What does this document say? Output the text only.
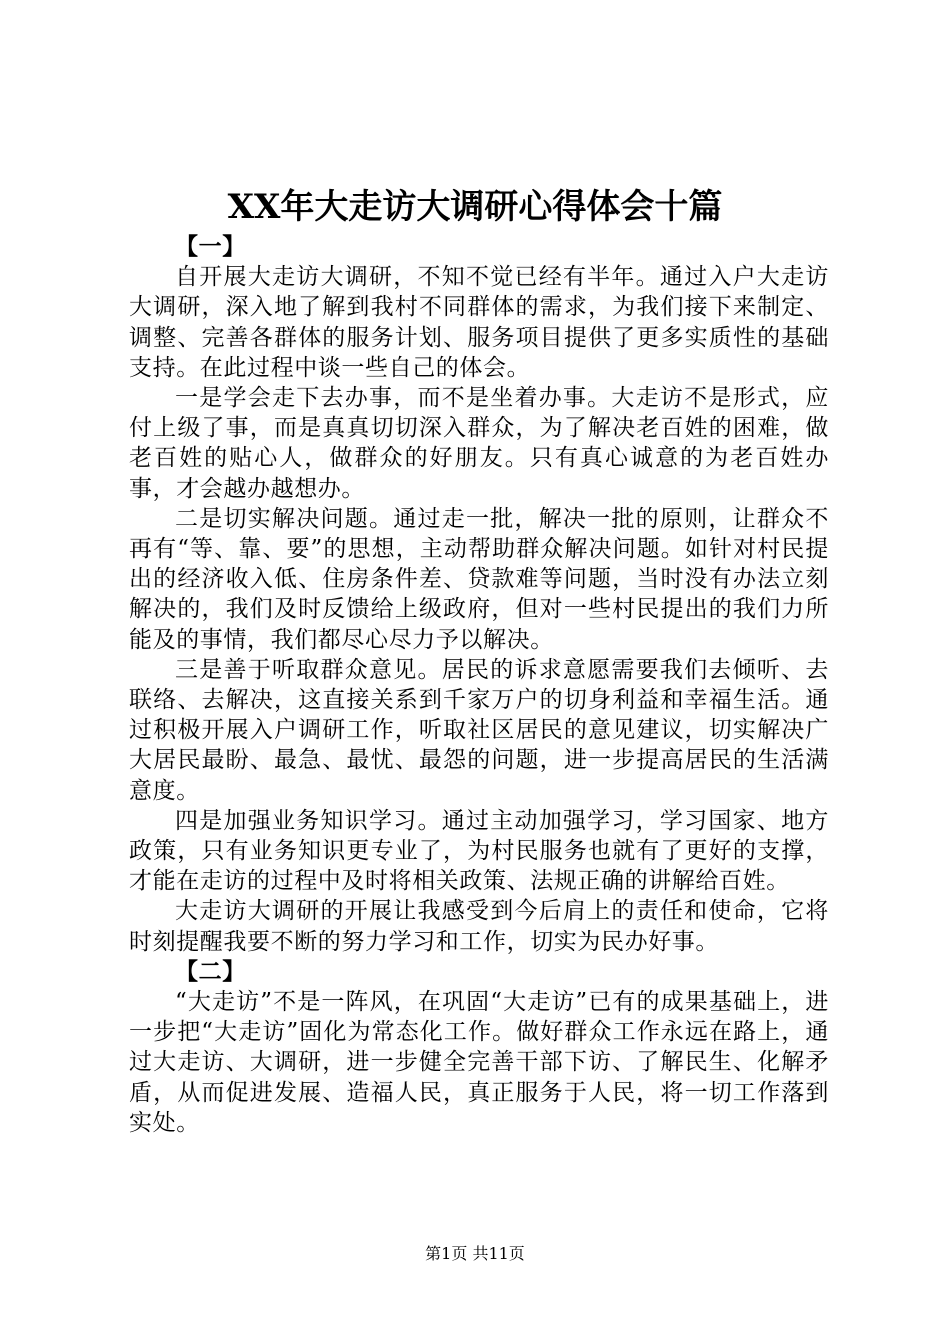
XX年大走访大调研心得体会十篇

【一】

自开展大走访大调研，不知不觉已经有半年。通过入户大走访大调研，深入地了解到我村不同群体的需求，为我们接下来制定、调整、完善各群体的服务计划、服务项目提供了更多实质性的基础支持。在此过程中谈一些自己的体会。

一是学会走下去办事，而不是坐着办事。大走访不是形式，应付上级了事，而是真真切切深入群众，为了解决老百姓的困难，做老百姓的贴心人，做群众的好朋友。只有真心诚意的为老百姓办事，才会越办越想办。

二是切实解决问题。通过走一批，解决一批的原则，让群众不再有“等、靠、要”的思想，主动帮助群众解决问题。如针对村民提出的经济收入低、住房条件差、贷款难等问题，当时没有办法立刻解决的，我们及时反馈给上级政府，但对一些村民提出的我们力所能及的事情，我们都尽心尽力予以解决。

三是善于听取群众意见。居民的诉求意愿需要我们去倾听、去联络、去解决，这直接关系到千家万户的切身利益和幸福生活。通过积极开展入户调研工作，听取社区居民的意见建议，切实解决广大居民最盼、最急、最忧、最怨的问题，进一步提高居民的生活满意度。

四是加强业务知识学习。通过主动加强学习，学习国家、地方政策，只有业务知识更专业了，为村民服务也就有了更好的支撑，才能在走访的过程中及时将相关政策、法规正确的讲解给百姓。

大走访大调研的开展让我感受到今后肩上的责任和使命，它将时刻提醒我要不断的努力学习和工作，切实为民办好事。

【二】

“大走访”不是一阵风，在巩固“大走访”已有的成果基础上，进一步把“大走访”固化为常态化工作。做好群众工作永远在路上，通过大走访、大调研，进一步健全完善干部下访、了解民生、化解矛盾，从而促进发展、造福人民，真正服务于人民，将一切工作落到实处。

第1页 共11页
